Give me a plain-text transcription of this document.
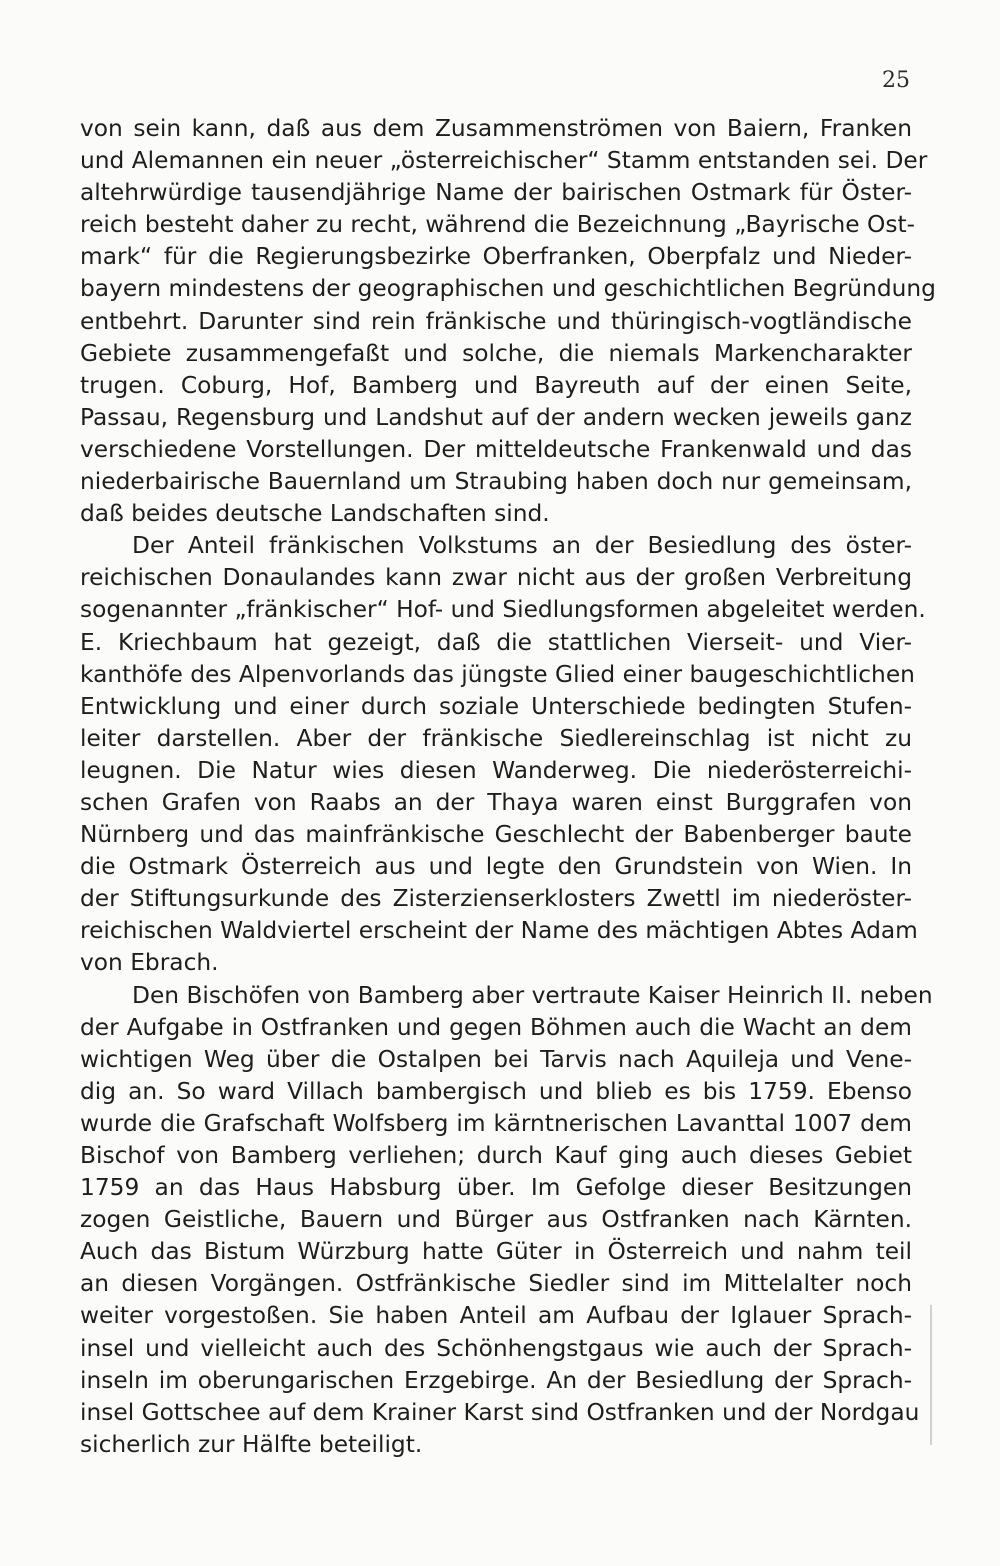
25

von sein kann, daß aus dem Zusammenströmen von Baiern, Franken
und Alemannen ein neuer „österreichischer“ Stamm entstanden sei. Der
altehrwürdige tausendjährige Name der bairischen Ostmark für Öster-
reich besteht daher zu recht, während die Bezeichnung „Bayrische Ost-
mark“ für die Regierungsbezirke Oberfranken, Oberpfalz und Nieder-
bayern mindestens der geographischen und geschichtlichen Begründung
entbehrt. Darunter sind rein fränkische und thüringisch-vogtländische
Gebiete zusammengefaßt und solche, die niemals Markencharakter
trugen. Coburg, Hof, Bamberg und Bayreuth auf der einen Seite,
Passau, Regensburg und Landshut auf der andern wecken jeweils ganz
verschiedene Vorstellungen. Der mitteldeutsche Frankenwald und das
niederbairische Bauernland um Straubing haben doch nur gemeinsam,
daß beides deutsche Landschaften sind.

Der Anteil fränkischen Volkstums an der Besiedlung des öster-
reichischen Donaulandes kann zwar nicht aus der großen Verbreitung
sogenannter „fränkischer“ Hof- und Siedlungsformen abgeleitet werden.
E. Kriechbaum hat gezeigt, daß die stattlichen Vierseit- und Vier-
kanthöfe des Alpenvorlands das jüngste Glied einer baugeschichtlichen
Entwicklung und einer durch soziale Unterschiede bedingten Stufen-
leiter darstellen. Aber der fränkische Siedlereinschlag ist nicht zu
leugnen. Die Natur wies diesen Wanderweg. Die niederösterreichi-
schen Grafen von Raabs an der Thaya waren einst Burggrafen von
Nürnberg und das mainfränkische Geschlecht der Babenberger baute
die Ostmark Österreich aus und legte den Grundstein von Wien. In
der Stiftungsurkunde des Zisterzienserklosters Zwettl im niederöster-
reichischen Waldviertel erscheint der Name des mächtigen Abtes Adam
von Ebrach.

Den Bischöfen von Bamberg aber vertraute Kaiser Heinrich II. neben
der Aufgabe in Ostfranken und gegen Böhmen auch die Wacht an dem
wichtigen Weg über die Ostalpen bei Tarvis nach Aquileja und Vene-
dig an. So ward Villach bambergisch und blieb es bis 1759. Ebenso
wurde die Grafschaft Wolfsberg im kärntnerischen Lavanttal 1007 dem
Bischof von Bamberg verliehen; durch Kauf ging auch dieses Gebiet
1759 an das Haus Habsburg über. Im Gefolge dieser Besitzungen
zogen Geistliche, Bauern und Bürger aus Ostfranken nach Kärnten.
Auch das Bistum Würzburg hatte Güter in Österreich und nahm teil
an diesen Vorgängen. Ostfränkische Siedler sind im Mittelalter noch
weiter vorgestoßen. Sie haben Anteil am Aufbau der Iglauer Sprach-
insel und vielleicht auch des Schönhengstgaus wie auch der Sprach-
inseln im oberungarischen Erzgebirge. An der Besiedlung der Sprach-
insel Gottschee auf dem Krainer Karst sind Ostfranken und der Nordgau
sicherlich zur Hälfte beteiligt.
